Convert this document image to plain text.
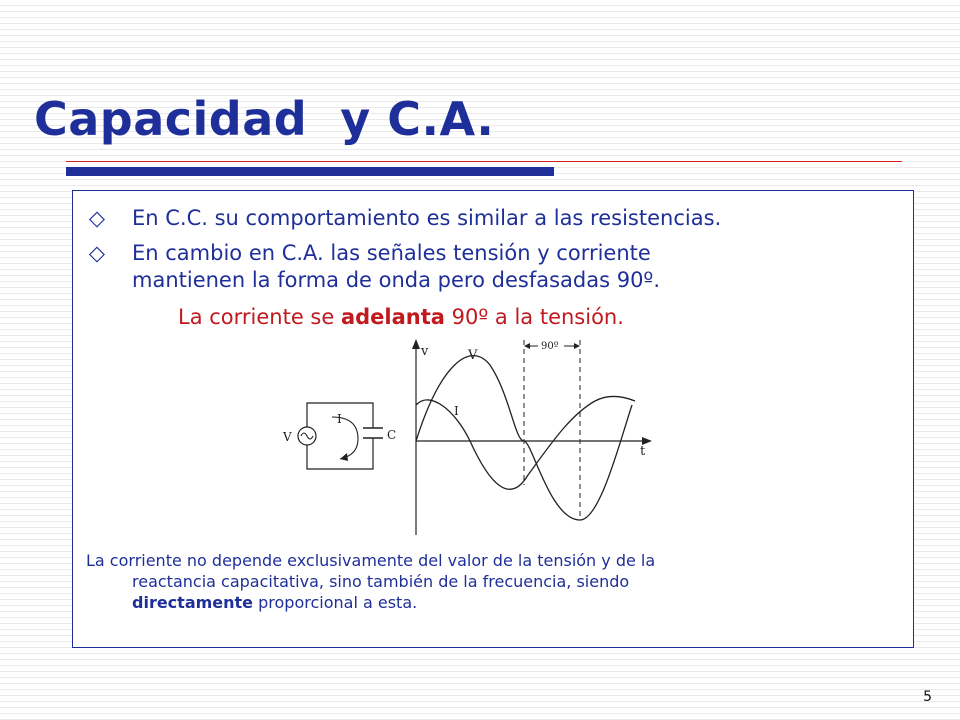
Capacidad  y C.A.
◇ En C.C. su comportamiento es similar a las resistencias.
◇ En cambio en C.A. las señales tensión y corriente
mantienen la forma de onda pero desfasadas 90º.
La corriente se adelanta 90º a la tensión.
V
I
C
90º
v	V
I
t
La corriente no depende exclusivamente del valor de la tensión y de la
reactancia capacitativa, sino también de la frecuencia, siendo
directamente proporcional a esta.
5
